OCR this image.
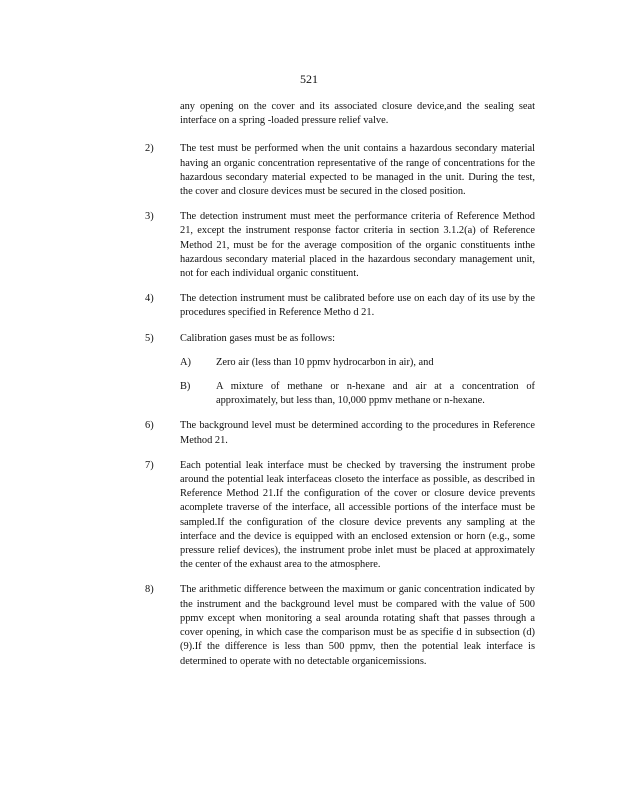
521
any opening on the cover and its associated closure device,and the sealing seat interface on a spring -loaded pressure relief valve.
2)	The test must be performed when the unit contains a hazardous secondary material having an organic concentration representative of the range of concentrations for the hazardous secondary material expected to be managed in the unit. During the test, the cover and closure devices must be secured in the closed position.
3)	The detection instrument must meet the performance criteria of Reference Method 21, except the instrument response factor criteria in section 3.1.2(a) of Reference Method 21, must be for the average composition of the organic constituents inthe hazardous secondary material placed in the hazardous secondary management unit, not for each individual organic constituent.
4)	The detection instrument must be calibrated before use on each day of its use by the procedures specified in Reference Metho d 21.
5)	Calibration gases must be as follows:
A)	Zero air (less than 10 ppmv hydrocarbon in air), and
B)	A mixture of methane or n-hexane and air at a concentration of approximately, but less than, 10,000 ppmv methane or n-hexane.
6)	The background level must be determined according to the procedures in Reference Method 21.
7)	Each potential leak interface must be checked by traversing the instrument probe around the potential leak interfaceas closeto the interface as possible, as described in Reference Method 21.If the configuration of the cover or closure device prevents acomplete traverse of the interface, all accessible portions of the interface must be sampled.If the configuration of the closure device prevents any sampling at the interface and the device is equipped with an enclosed extension or horn (e.g., some pressure relief devices), the instrument probe inlet must be placed at approximately the center of the exhaust area to the atmosphere.
8)	The arithmetic difference between the maximum or ganic concentration indicated by the instrument and the background level must be compared with the value of 500 ppmv except when monitoring a seal arounda rotating shaft that passes through a cover opening, in which case the comparison must be as specifie d in subsection (d)(9).If the difference is less than 500 ppmv, then the potential leak interface is determined to operate with no detectable organicemissions.
